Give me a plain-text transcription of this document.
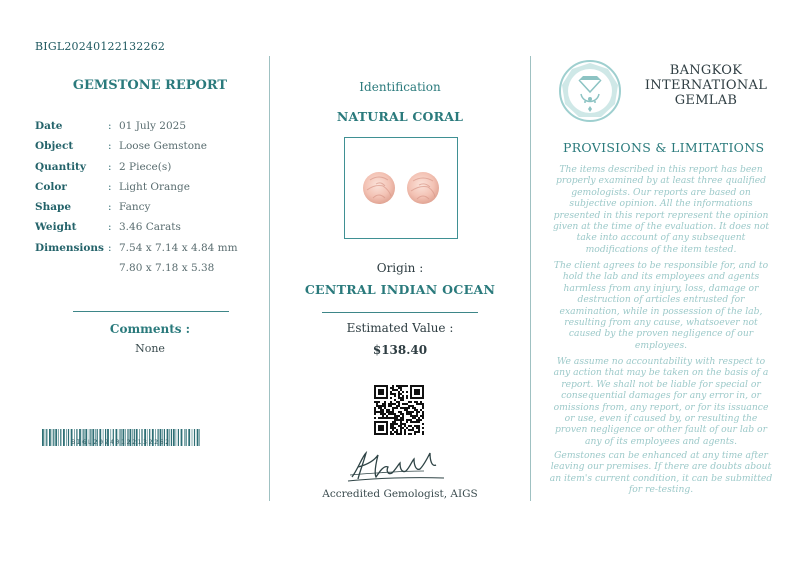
BIGL20240122132262
GEMSTONE REPORT
Date	: 01 July 2025
Object	: Loose Gemstone
Quantity : 2 Piece(s)
Color	: Light Orange
Shape	: Fancy
Weight	: 3.46 Carats
Dimensions : 7.54 x 7.14 x 4.84 mm
7.80 x 7.18 x 5.38
Comments :
None
BIGL20240122132262
Identification
NATURAL CORAL
Origin :
CENTRAL INDIAN OCEAN
Estimated Value :
$138.40
Accredited Gemologist, AIGS
BANGKOK
INTERNATIONAL
GEMLAB
PROVISIONS & LIMITATIONS
The items described in this report has been properly examined by at least three qualified gemologists. Our reports are based on subjective opinion. All the informations presented in this report represent the opinion given at the time of the evaluation. It does not take into account of any subsequent modifications of the item tested.
The client agrees to be responsible for, and to hold the lab and its employees and agents harmless from any injury, loss, damage or destruction of articles entrusted for examination, while in possession of the lab, resulting from any cause, whatsoever not caused by the proven negligence of our employees.
We assume no accountability with respect to any action that may be taken on the basis of a report. We shall not be liable for special or consequential damages for any error in, or omissions from, any report, or for its issuance or use, even if caused by, or resulting the proven negligence or other fault of our lab or any of its employees and agents.
Gemstones can be enhanced at any time after leaving our premises. If there are doubts about an item's current condition, it can be submitted for re-testing.
